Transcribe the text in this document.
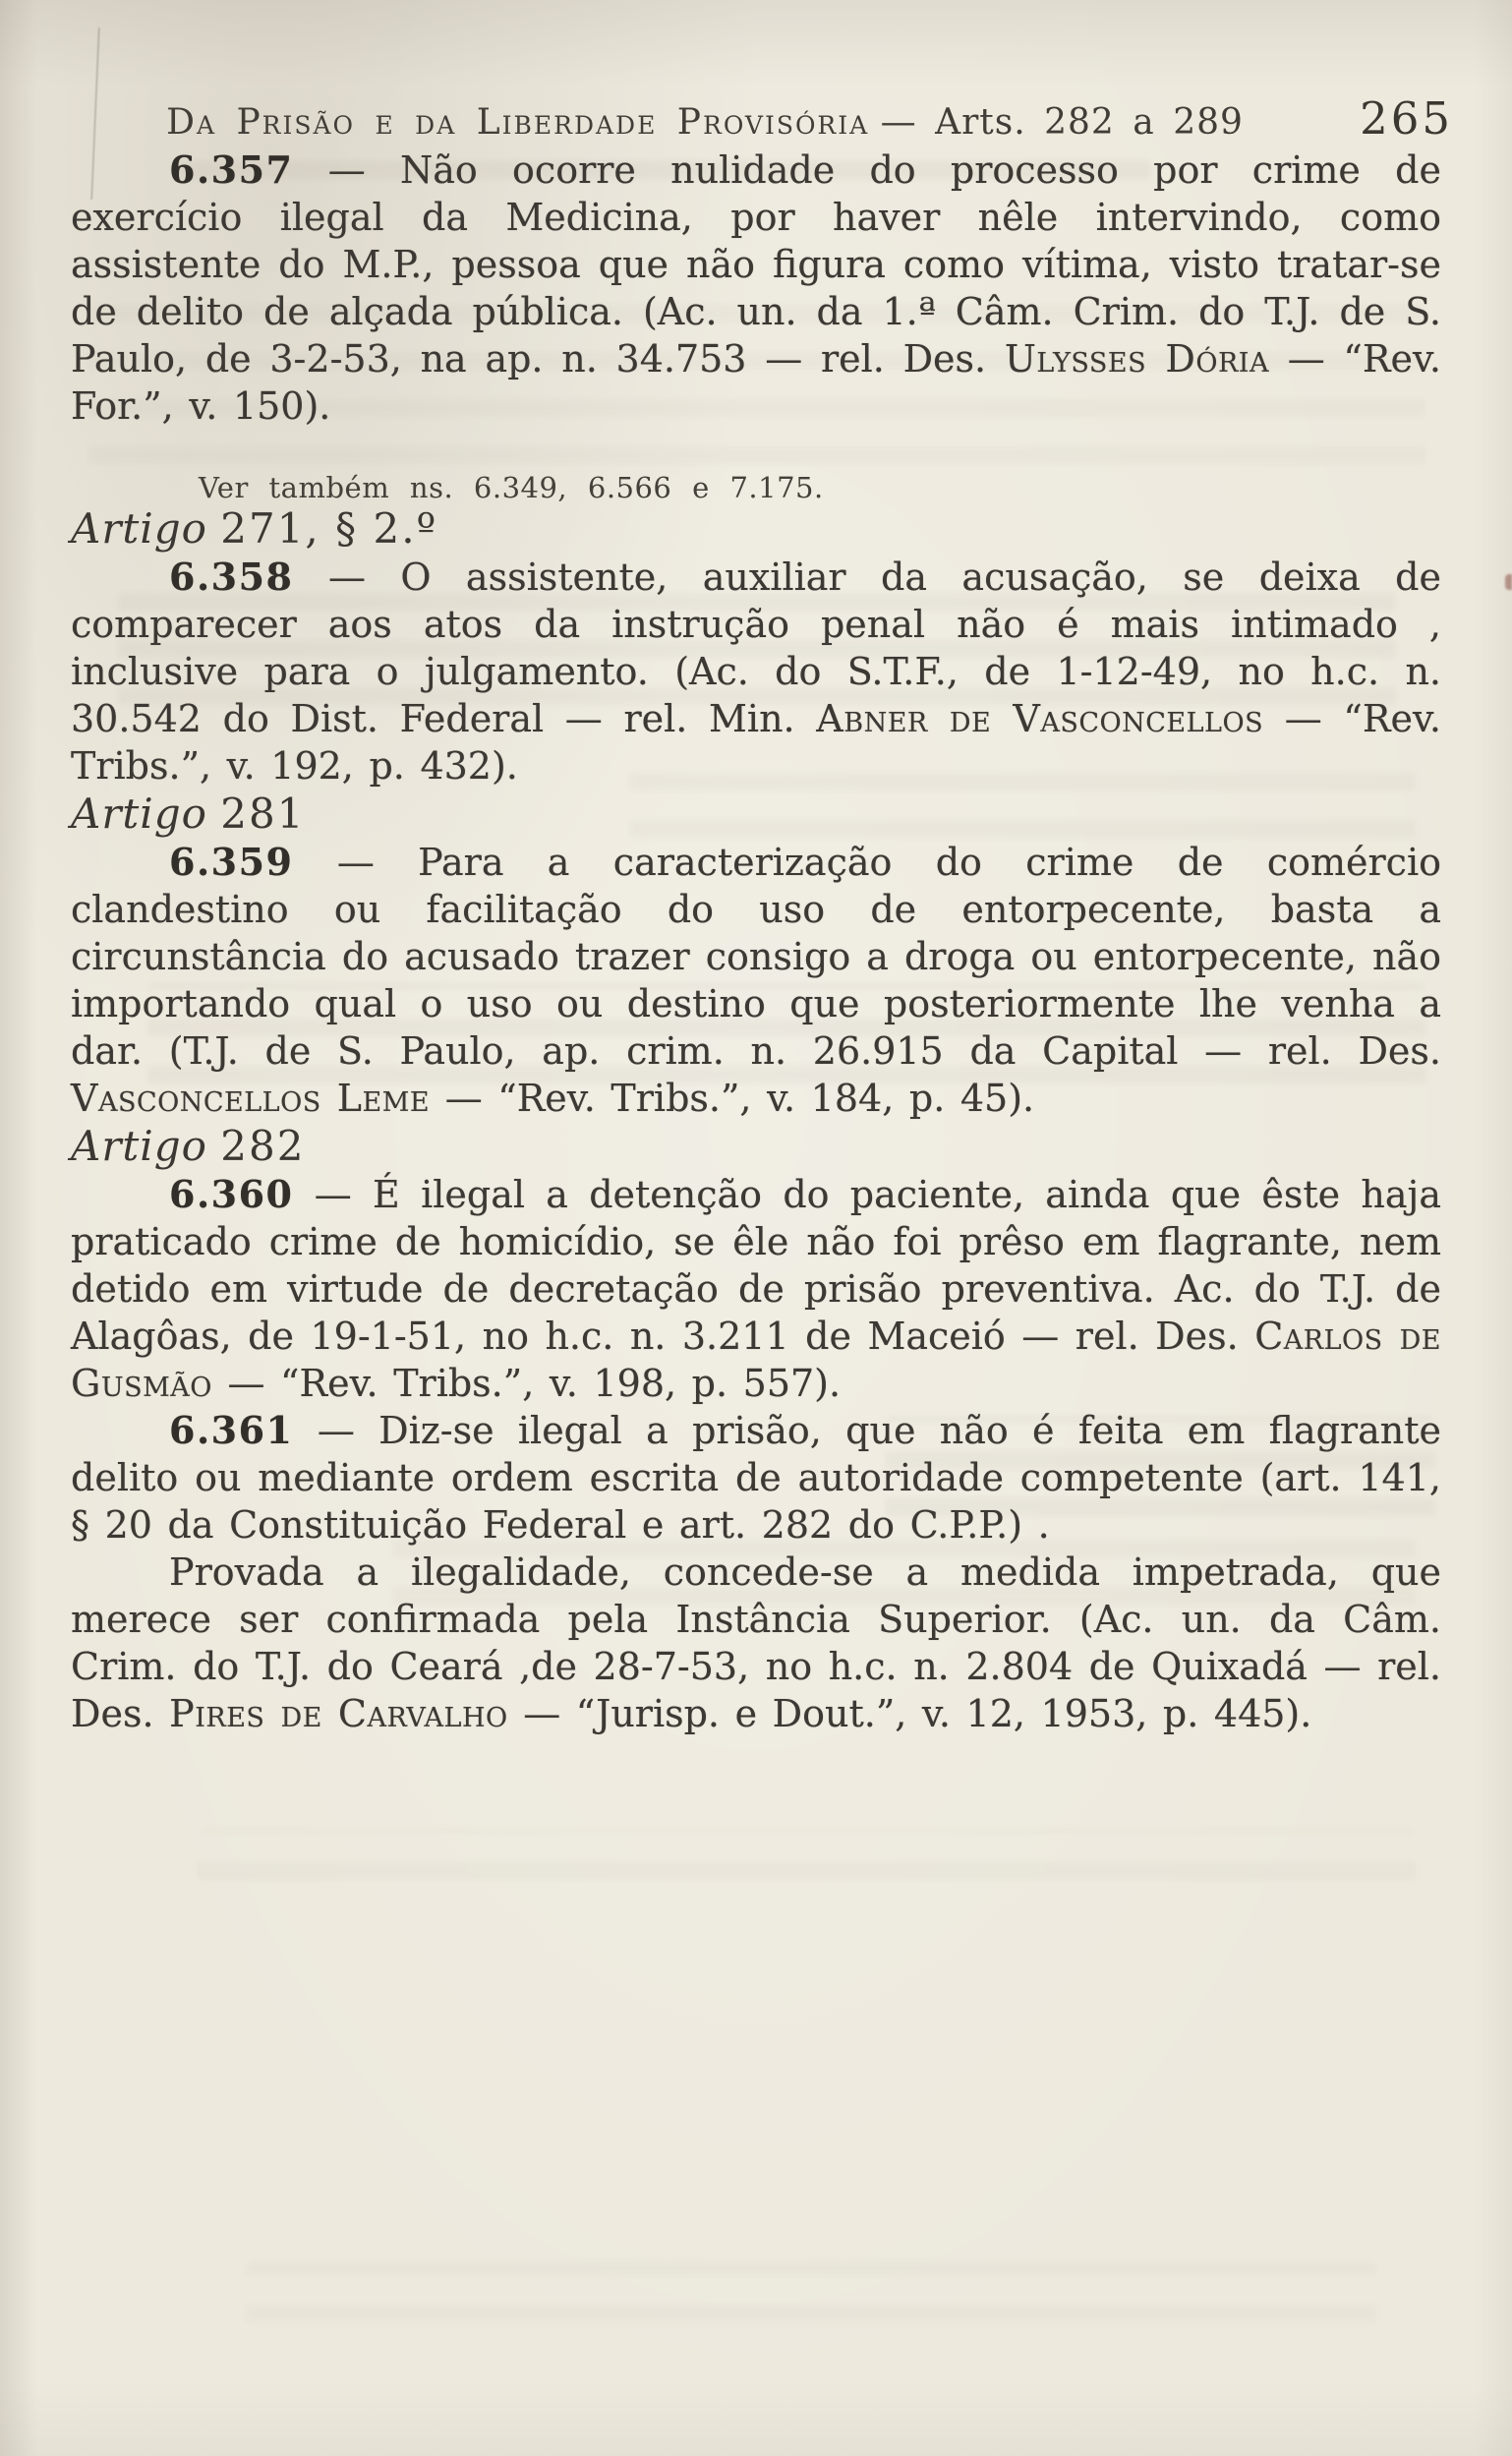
Da Prisão e da Liberdade Provisória — Arts. 282 a 289	265

6.357 — Não ocorre nulidade do processo por crime de exercício ilegal da Medicina, por haver nêle intervindo, como assistente do M.P., pessoa que não figura como vítima, visto tratar-se de delito de alçada pública. (Ac. un. da 1.ª Câm. Crim. do T.J. de S. Paulo, de 3-2-53, na ap. n. 34.753 — rel. Des. Ulysses Dória — “Rev. For.”, v. 150).

Ver também ns. 6.349, 6.566 e 7.175.
Artigo 271, § 2.º

6.358 — O assistente, auxiliar da acusação, se deixa de comparecer aos atos da instrução penal não é mais intimado , inclusive para o julgamento. (Ac. do S.T.F., de 1-12-49, no h.c. n. 30.542 do Dist. Federal — rel. Min. Abner de Vasconcellos — “Rev. Tribs.”, v. 192, p. 432).

Artigo 281

6.359 — Para a caracterização do crime de comércio clandestino ou facilitação do uso de entorpecente, basta a circunstância do acusado trazer consigo a droga ou entorpecente, não importando qual o uso ou destino que posteriormente lhe venha a dar. (T.J. de S. Paulo, ap. crim. n. 26.915 da Capital — rel. Des. Vasconcellos Leme — “Rev. Tribs.”, v. 184, p. 45).

Artigo 282

6.360 — É ilegal a detenção do paciente, ainda que êste haja praticado crime de homicídio, se êle não foi prêso em flagrante, nem detido em virtude de decretação de prisão preventiva. Ac. do T.J. de Alagôas, de 19-1-51, no h.c. n. 3.211 de Maceió — rel. Des. Carlos de Gusmão — “Rev. Tribs.”, v. 198, p. 557).

6.361 — Diz-se ilegal a prisão, que não é feita em flagrante delito ou mediante ordem escrita de autoridade competente (art. 141, § 20 da Constituição Federal e art. 282 do C.P.P.) .

Provada a ilegalidade, concede-se a medida impetrada, que merece ser confirmada pela Instância Superior. (Ac. un. da Câm. Crim. do T.J. do Ceará ,de 28-7-53, no h.c. n. 2.804 de Quixadá — rel. Des. Pires de Carvalho — “Jurisp. e Dout.”, v. 12, 1953, p. 445).
